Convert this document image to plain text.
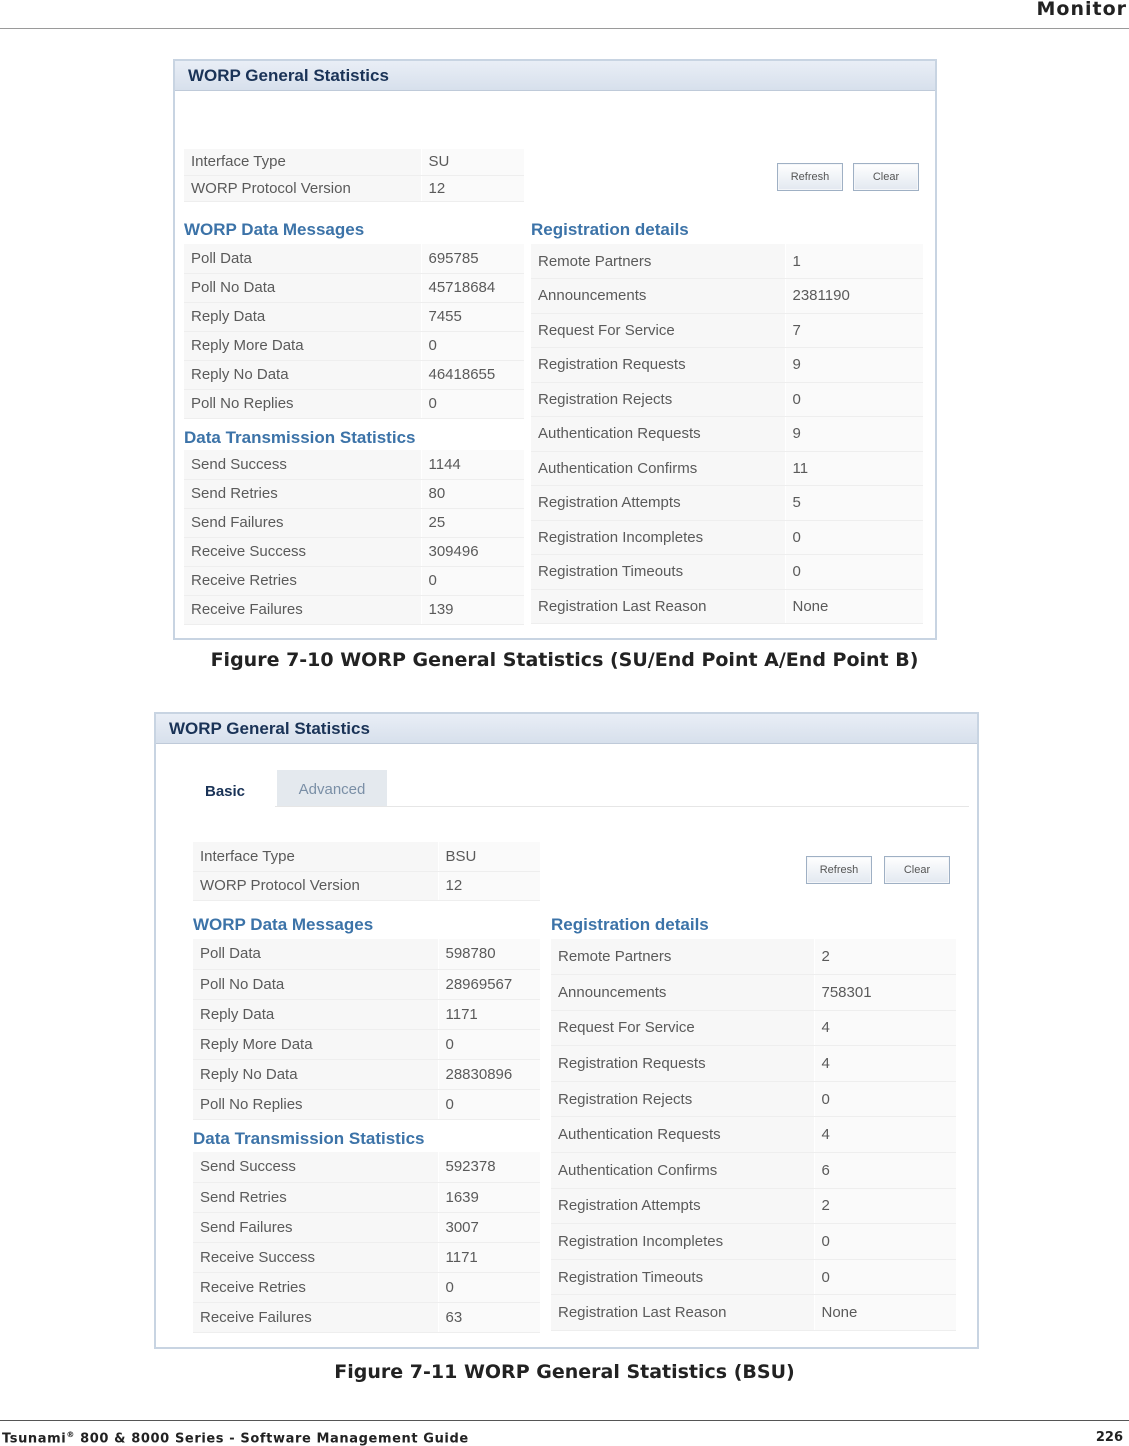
Monitor
WORP General Statistics
Interface Type	SU
WORP Protocol Version	12
Refresh	Clear
WORP Data Messages
Poll Data	695785
Poll No Data	45718684
Reply Data	7455
Reply More Data	0
Reply No Data	46418655
Poll No Replies	0
Data Transmission Statistics
Send Success	1144
Send Retries	80
Send Failures	25
Receive Success	309496
Receive Retries	0
Receive Failures	139
Registration details
Remote Partners	1
Announcements	2381190
Request For Service	7
Registration Requests	9
Registration Rejects	0
Authentication Requests	9
Authentication Confirms	11
Registration Attempts	5
Registration Incompletes	0
Registration Timeouts	0
Registration Last Reason	None
Figure 7-10 WORP General Statistics (SU/End Point A/End Point B)
WORP General Statistics
Basic	Advanced
Interface Type	BSU
WORP Protocol Version	12
Refresh	Clear
WORP Data Messages
Poll Data	598780
Poll No Data	28969567
Reply Data	1171
Reply More Data	0
Reply No Data	28830896
Poll No Replies	0
Data Transmission Statistics
Send Success	592378
Send Retries	1639
Send Failures	3007
Receive Success	1171
Receive Retries	0
Receive Failures	63
Registration details
Remote Partners	2
Announcements	758301
Request For Service	4
Registration Requests	4
Registration Rejects	0
Authentication Requests	4
Authentication Confirms	6
Registration Attempts	2
Registration Incompletes	0
Registration Timeouts	0
Registration Last Reason	None
Figure 7-11 WORP General Statistics (BSU)
Tsunami® 800 & 8000 Series - Software Management Guide	226
